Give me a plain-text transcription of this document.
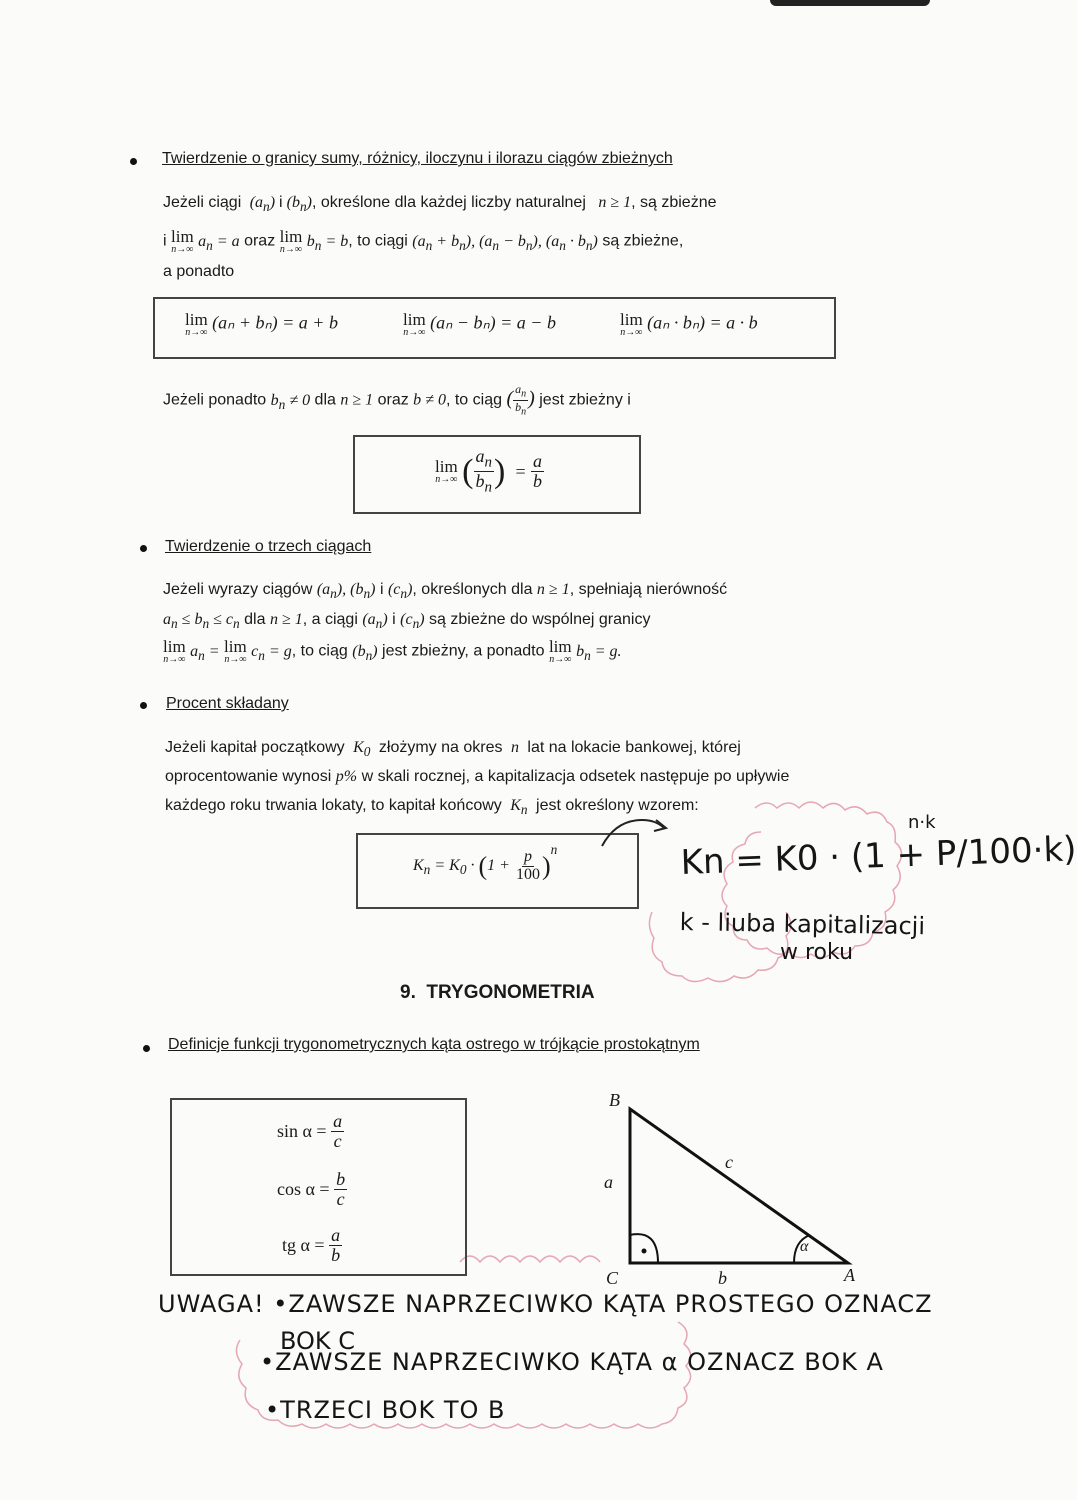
Twierdzenie o granicy sumy, różnicy, iloczynu i ilorazu ciągów zbieżnych
Jeżeli ciągi  $(a_n)$ i $(b_n)$, określone dla każdej liczby naturalnej   n ≥ 1, są zbieżne
i lim
n→∞ $a_n = a$ oraz lim
n→∞ $b_n = b$, to ciągi $(a_n + b_n)$, $(a_n - b_n)$, $(a_n \cdot b_n)$ są zbieżne,
a ponadto
lim
n→∞ (aₙ + bₙ) = a + b	lim
n→∞ (aₙ − bₙ) = a − b	lim
n→∞ (aₙ · bₙ) = a · b
Jeżeli ponadto $b_n \ne 0$ dla n ≥ 1 oraz b ≠ 0, to ciąg ( $\frac{a_n}{b_n}$ ) jest zbieżny i
lim
n→∞ ( $\frac{a_n}{b_n}$ )  = $\frac{a}{b}$
Twierdzenie o trzech ciągach
Jeżeli wyrazy ciągów $(a_n)$, $(b_n)$ i $(c_n)$, określonych dla n ≥ 1, spełniają nierówność
$a_n \le b_n \le c_n$ dla n ≥ 1, a ciągi $(a_n)$ i $(c_n)$ są zbieżne do wspólnej granicy
lim
n→∞ $a_n = \lim$
n→∞ $c_n = g$, to ciąg $(b_n)$ jest zbieżny, a ponadto lim
n→∞ $b_n = g$.
Procent składany
Jeżeli kapitał początkowy  $K_0$ złożymy na okres  n  lat na lokacie bankowej, której
oprocentowanie wynosi p% w skali rocznej, a kapitalizacja odsetek następuje po upływie
każdego roku trwania lokaty, to kapitał końcowy  $K_n$ jest określony wzorem:
$K_n = K_0 \cdot (1 + \frac{p}{100} )^n$	Kn = K0 · (1 + P/100·k)
n·k
k - liuba kapitalizacji
w roku
9. TRYGONOMETRIA
Definicje funkcji trygonometrycznych kąta ostrego w trójkącie prostokątnym
$\sin \alpha = \frac{a}{c}$
$\cos \alpha = \frac{b}{c}$
tg $\alpha = \frac{a}{b}$
B
C	A
a
b
c
α
UWAGA! •ZAWSZE NAPRZECIWKO KĄTA PROSTEGO OZNACZ
BOK C
•ZAWSZE NAPRZECIWKO KĄTA α OZNACZ BOK A
•TRZECI BOK TO B
